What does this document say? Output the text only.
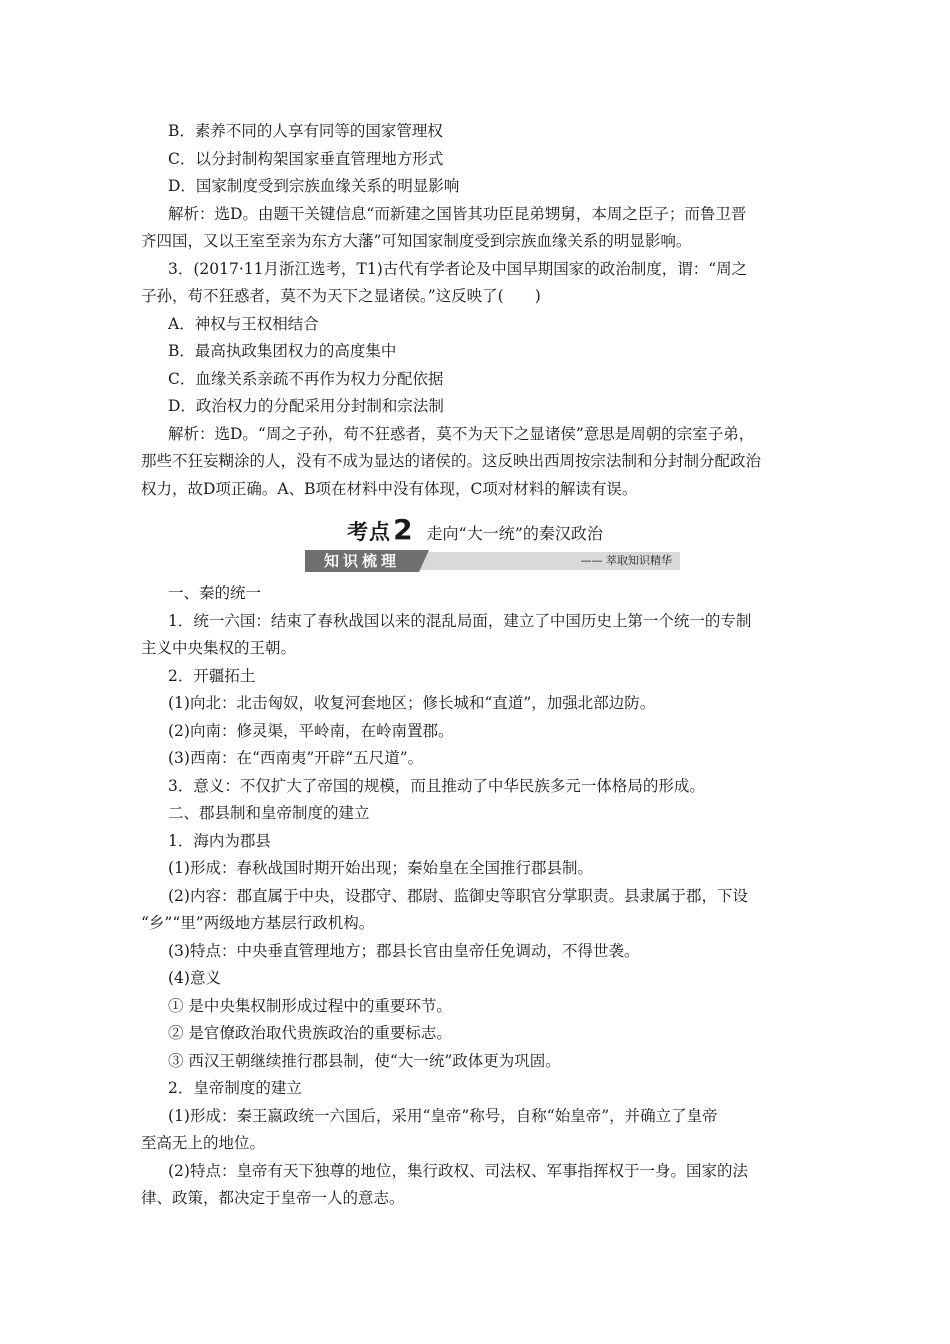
B．素养不同的人享有同等的国家管理权
C．以分封制构架国家垂直管理地方形式
D．国家制度受到宗族血缘关系的明显影响
解析：选D。由题干关键信息“而新建之国皆其功臣昆弟甥舅，本周之臣子；而鲁卫晋
齐四国，又以王室至亲为东方大藩”可知国家制度受到宗族血缘关系的明显影响。
3．(2017·11月浙江选考，T1)古代有学者论及中国早期国家的政治制度，谓：“周之
子孙，苟不狂惑者，莫不为天下之显诸侯。”这反映了(　　)
A．神权与王权相结合
B．最高执政集团权力的高度集中
C．血缘关系亲疏不再作为权力分配依据
D．政治权力的分配采用分封制和宗法制
解析：选D。“周之子孙，苟不狂惑者，莫不为天下之显诸侯”意思是周朝的宗室子弟，
那些不狂妄糊涂的人，没有不成为显达的诸侯的。这反映出西周按宗法制和分封制分配政治
权力，故D项正确。A、B项在材料中没有体现，C项对材料的解读有误。
考点2 走向“大一统”的秦汉政治
知识梳理	—— 萃取知识精华
一、秦的统一
1．统一六国：结束了春秋战国以来的混乱局面，建立了中国历史上第一个统一的专制
主义中央集权的王朝。
2．开疆拓土
(1)向北：北击匈奴，收复河套地区；修长城和“直道”，加强北部边防。
(2)向南：修灵渠，平岭南，在岭南置郡。
(3)西南：在“西南夷”开辟“五尺道”。
3．意义：不仅扩大了帝国的规模，而且推动了中华民族多元一体格局的形成。
二、郡县制和皇帝制度的建立
1．海内为郡县
(1)形成：春秋战国时期开始出现；秦始皇在全国推行郡县制。
(2)内容：郡直属于中央，设郡守、郡尉、监御史等职官分掌职责。县隶属于郡，下设
“乡”“里”两级地方基层行政机构。
(3)特点：中央垂直管理地方；郡县长官由皇帝任免调动，不得世袭。
(4)意义
① 是中央集权制形成过程中的重要环节。
② 是官僚政治取代贵族政治的重要标志。
③ 西汉王朝继续推行郡县制，使“大一统”政体更为巩固。
2．皇帝制度的建立
(1)形成：秦王嬴政统一六国后，采用“皇帝”称号，自称“始皇帝”，并确立了皇帝
至高无上的地位。
(2)特点：皇帝有天下独尊的地位，集行政权、司法权、军事指挥权于一身。国家的法
律、政策，都决定于皇帝一人的意志。
